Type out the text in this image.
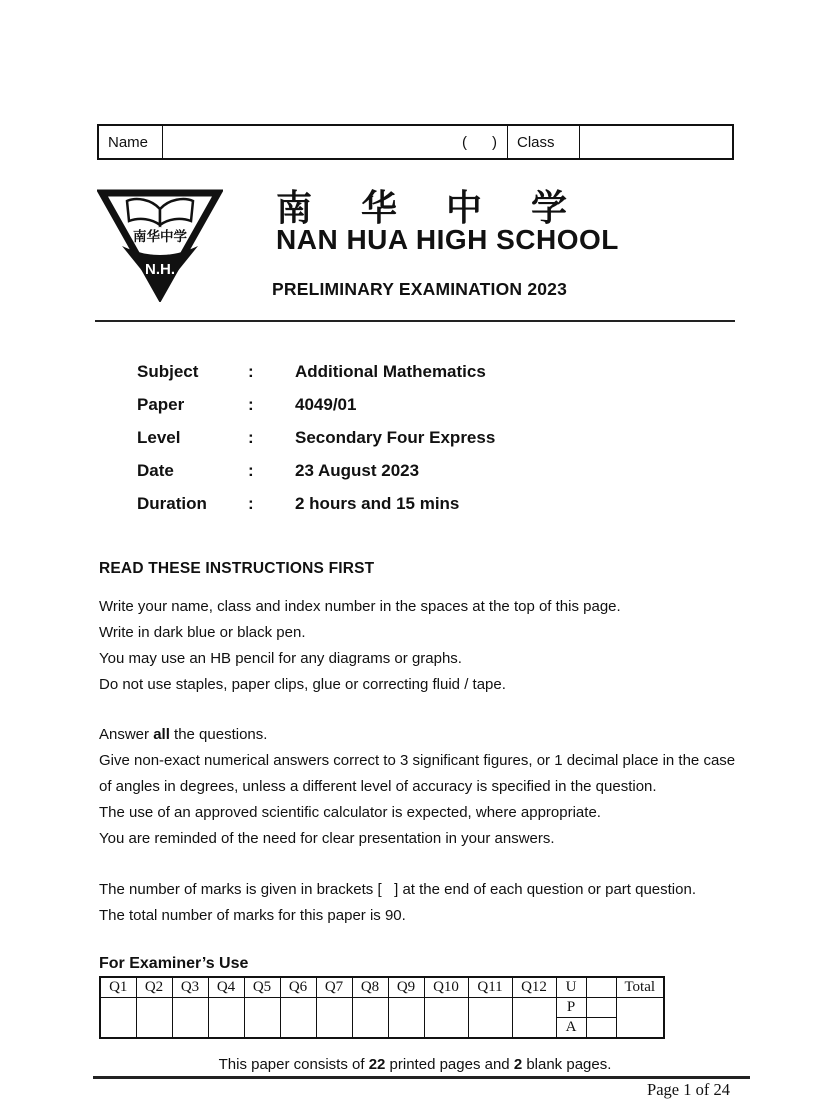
Name	(      )	Class
南华中学
N.H.
南 华 中 学
NAN HUA HIGH SCHOOL
PRELIMINARY EXAMINATION 2023
Subject	:	Additional Mathematics
Paper	:	4049/01
Level	:	Secondary Four Express
Date	:	23 August 2023
Duration	:	2 hours and 15 mins
READ THESE INSTRUCTIONS FIRST
Write your name, class and index number in the spaces at the top of this page.
Write in dark blue or black pen.
You may use an HB pencil for any diagrams or graphs.
Do not use staples, paper clips, glue or correcting fluid / tape.
Answer all the questions.
Give non-exact numerical answers correct to 3 significant figures, or 1 decimal place in the case
of angles in degrees, unless a different level of accuracy is specified in the question.
The use of an approved scientific calculator is expected, where appropriate.
You are reminded of the need for clear presentation in your answers.
The number of marks is given in brackets [   ] at the end of each question or part question.
The total number of marks for this paper is 90.
For Examiner’s Use
Q1	Q2	Q3	Q4	Q5	Q6	Q7	Q8	Q9	Q10	Q11	Q12	U		Total
												P		
												A		
This paper consists of 22 printed pages and 2 blank pages.
Page 1 of 24
